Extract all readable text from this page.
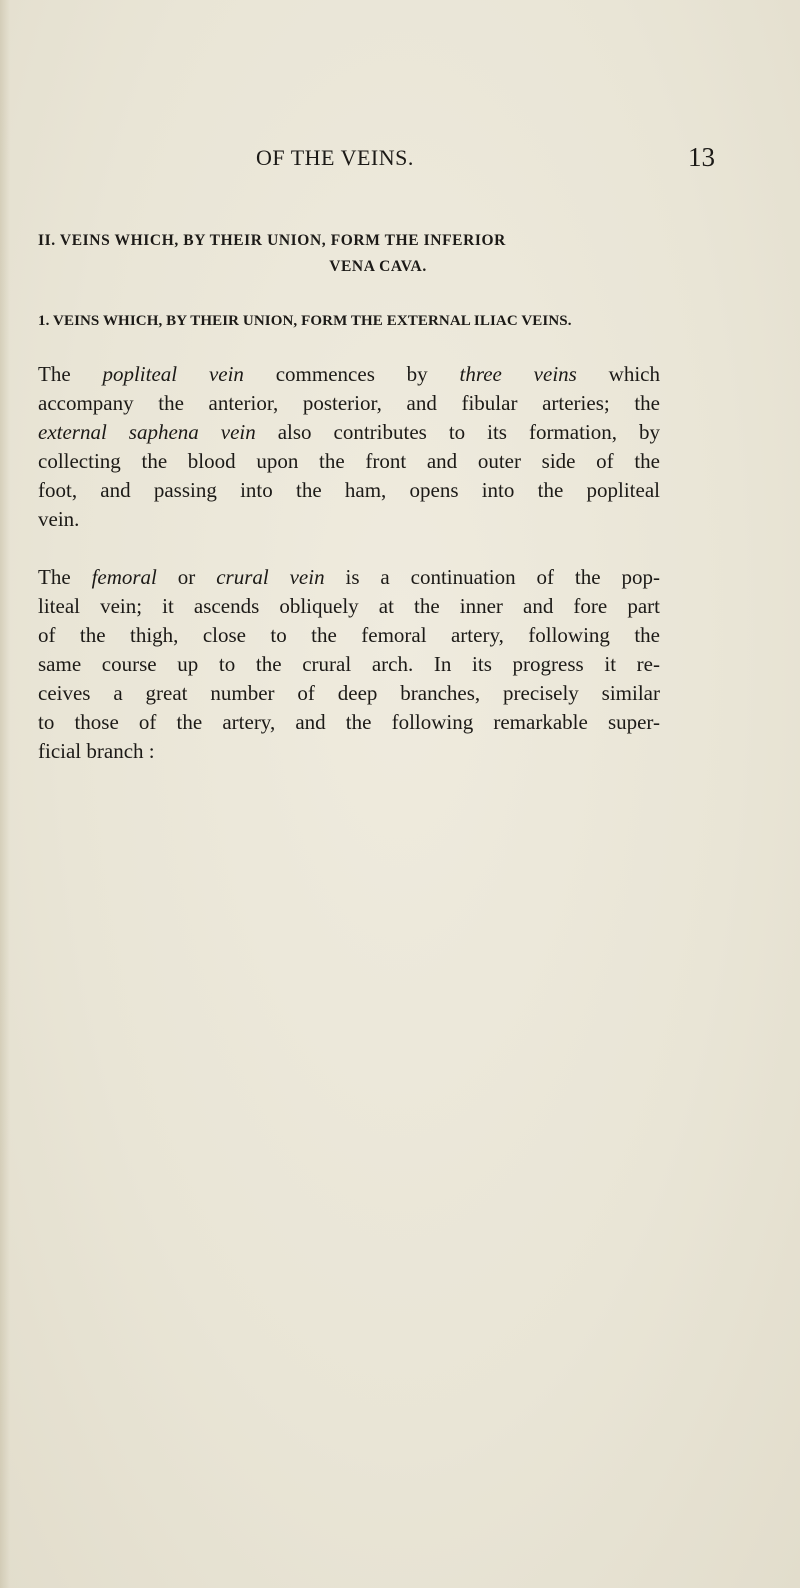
OF THE VEINS.	13
II. VEINS WHICH, BY THEIR UNION, FORM THE INFERIOR
VENA CAVA.
1. VEINS WHICH, BY THEIR UNION, FORM THE EXTERNAL ILIAC VEINS.
The popliteal vein commences by three veins which
accompany the anterior, posterior, and fibular arteries; the
external saphena vein also contributes to its formation, by
collecting the blood upon the front and outer side of the
foot, and passing into the ham, opens into the popliteal
vein.
The femoral or crural vein is a continuation of the pop-
liteal vein; it ascends obliquely at the inner and fore part
of the thigh, close to the femoral artery, following the
same course up to the crural arch. In its progress it re-
ceives a great number of deep branches, precisely similar
to those of the artery, and the following remarkable super-
ficial branch :
